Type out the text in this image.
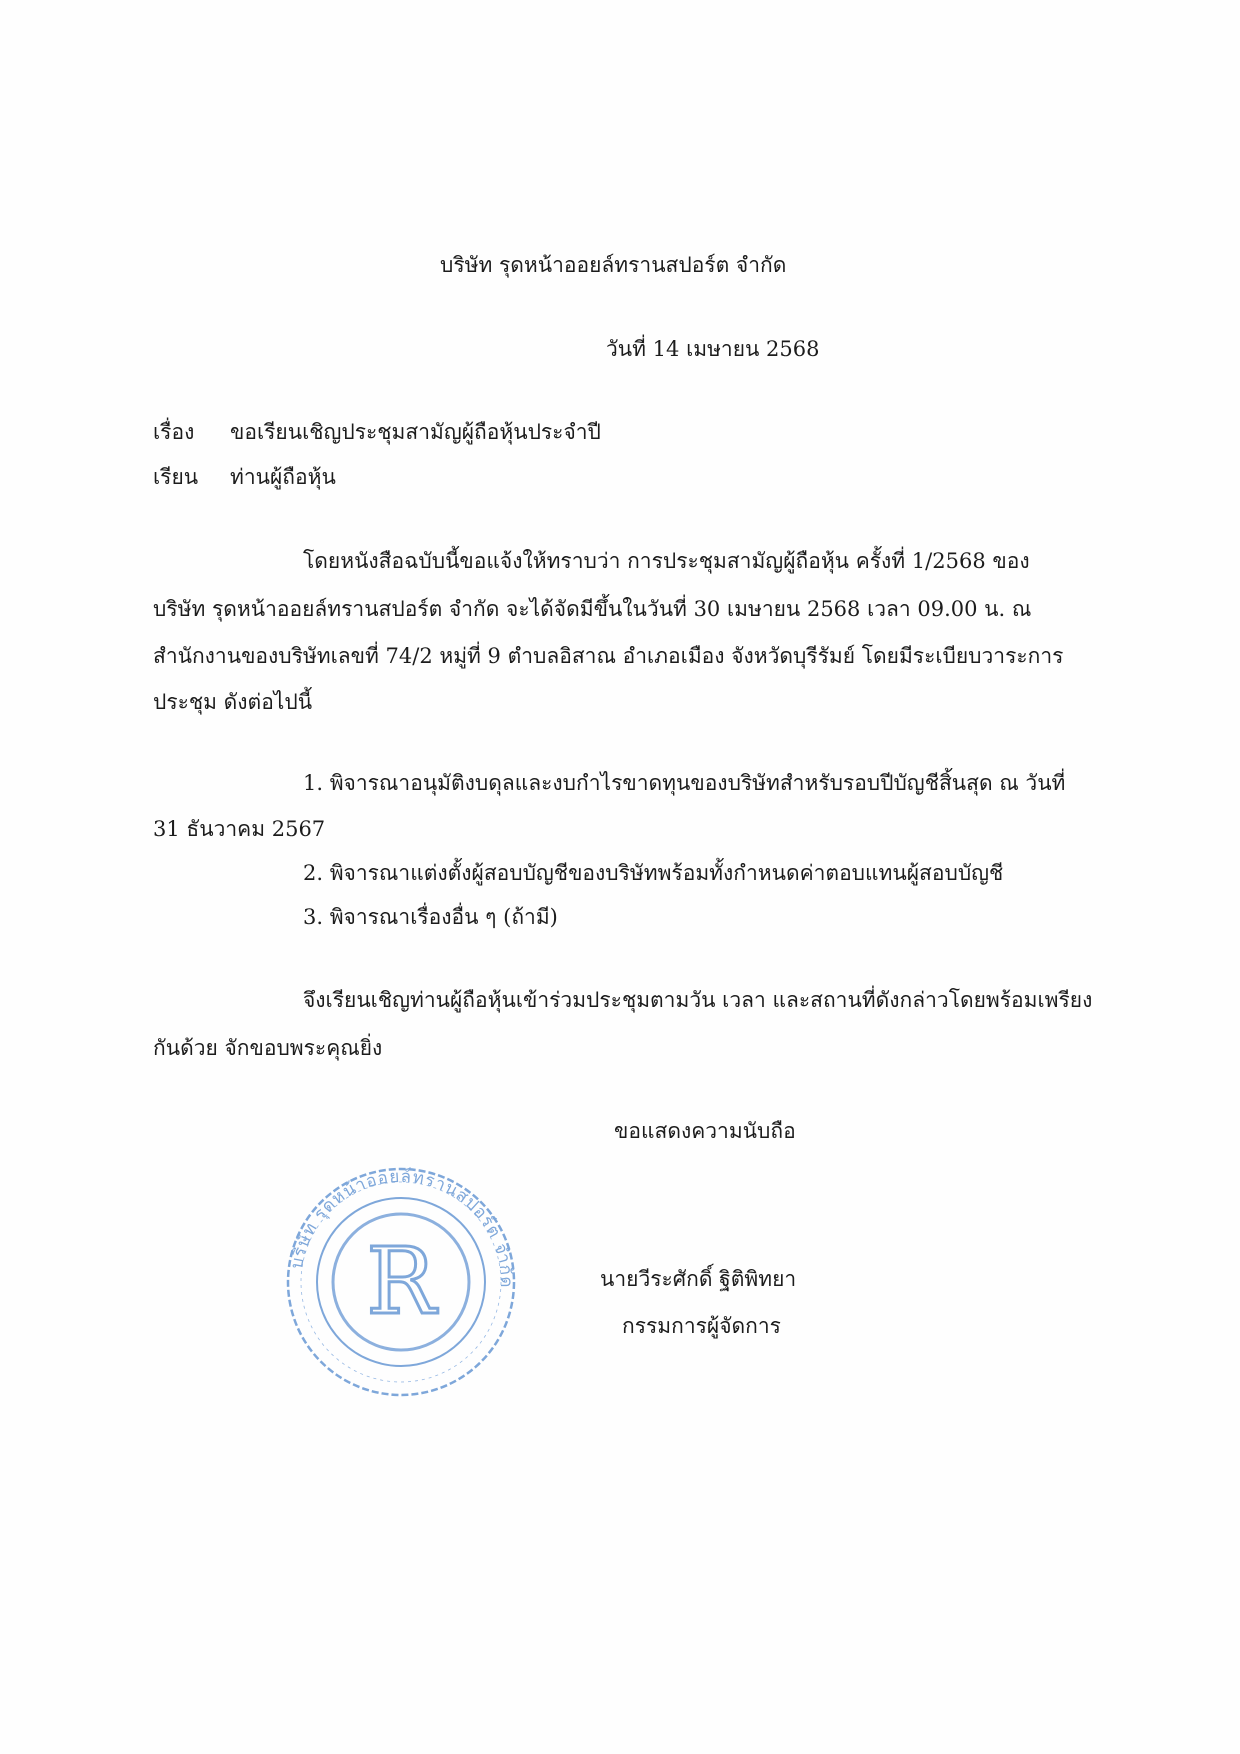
บริษัท รุดหน้าออยล์ทรานสปอร์ต จำกัด
วันที่ 14 เมษายน 2568
เรื่อง ขอเรียนเชิญประชุมสามัญผู้ถือหุ้นประจำปี
เรียน ท่านผู้ถือหุ้น
โดยหนังสือฉบับนี้ขอแจ้งให้ทราบว่า การประชุมสามัญผู้ถือหุ้น ครั้งที่ 1/2568 ของ
บริษัท รุดหน้าออยล์ทรานสปอร์ต จำกัด จะได้จัดมีขึ้นในวันที่ 30 เมษายน 2568 เวลา 09.00 น. ณ
สำนักงานของบริษัทเลขที่ 74/2 หมู่ที่ 9 ตำบลอิสาณ อำเภอเมือง จังหวัดบุรีรัมย์ โดยมีระเบียบวาระการ
ประชุม ดังต่อไปนี้
1. พิจารณาอนุมัติงบดุลและงบกำไรขาดทุนของบริษัทสำหรับรอบปีบัญชีสิ้นสุด ณ วันที่
31 ธันวาคม 2567
2. พิจารณาแต่งตั้งผู้สอบบัญชีของบริษัทพร้อมทั้งกำหนดค่าตอบแทนผู้สอบบัญชี
3. พิจารณาเรื่องอื่น ๆ (ถ้ามี)
จึงเรียนเชิญท่านผู้ถือหุ้นเข้าร่วมประชุมตามวัน เวลา และสถานที่ดังกล่าวโดยพร้อมเพรียง
กันด้วย จักขอบพระคุณยิ่ง
ขอแสดงความนับถือ
บริษัท รุดหน้าออยล์ทรานสปอร์ต จำกัด
R	นายวีระศักดิ์ ฐิติพิทยา
กรรมการผู้จัดการ
